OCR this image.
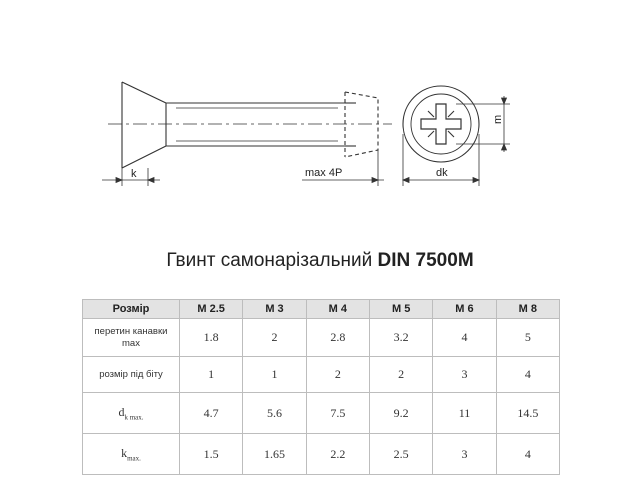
k	max 4P	dk
m
Гвинт самонарізальний DIN 7500M
Розмір	M 2.5	M 3	M 4	M 5	M 6	M 8
перетин канавки
max	1.8	2	2.8	3.2	4	5
розмір під біту	1	1	2	2	3	4
$d_{k max.}$	4.7	5.6	7.5	9.2	11	14.5
$k_{max.}$	1.5	1.65	2.2	2.5	3	4
